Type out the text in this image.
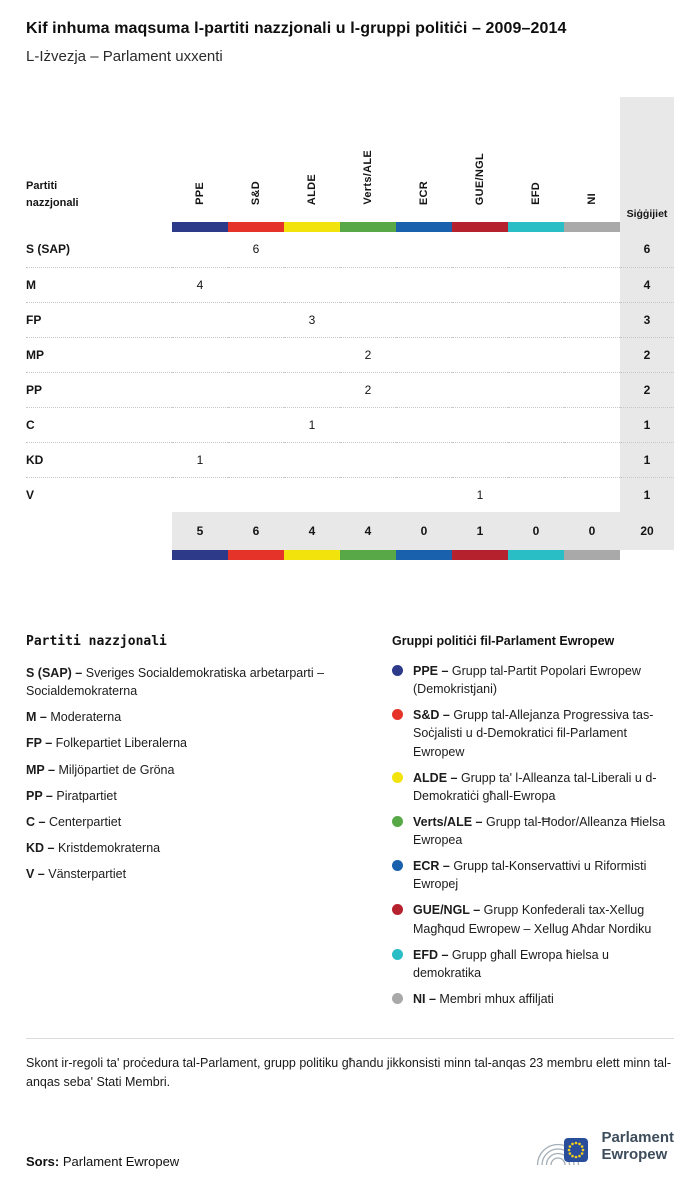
Kif inhuma maqsuma l-partiti nazzjonali u l-gruppi politiċi – 2009–2014
L-Iżvezja – Parlament uxxenti
Partiti nazzjonali	PPE	S&D	ALDE	Verts/ALE	ECR	GUE/NGL	EFD	NI	Siġġijiet

S (SAP)		6							6
M	4								4
FP			3						3
MP				2					2
PP				2					2
C			1						1
KD	1								1
V						1			1
	5	6	4	4	0	1	0	0	20

Partiti nazzjonali
S (SAP) – Sveriges Socialdemokratiska arbetarparti – Socialdemokraterna
M – Moderaterna
FP – Folkepartiet Liberalerna
MP – Miljöpartiet de Gröna
PP – Piratpartiet
C – Centerpartiet
KD – Kristdemokraterna
V – Vänsterpartiet
Gruppi politiċi fil-Parlament Ewropew
PPE – Grupp tal-Partit Popolari Ewropew (Demokristjani)
S&D – Grupp tal-Allejanza Progressiva tas-Soċjalisti u d-Demokratici fil-Parlament Ewropew
ALDE – Grupp ta' l-Alleanza tal-Liberali u d-Demokratiċi għall-Ewropa
Verts/ALE – Grupp tal-Ħodor/Alleanza Ħielsa Ewropea
ECR – Grupp tal-Konservattivi u Riformisti Ewropej
GUE/NGL – Grupp Konfederali tax-Xellug Magħqud Ewropew – Xellug Aħdar Nordiku
EFD – Grupp għall Ewropa ħielsa u demokratika
NI – Membri mhux affiljati
Skont ir-regoli ta' proċedura tal-Parlament, grupp politiku għandu jikkonsisti minn tal-anqas 23 membru elett minn tal-anqas seba' Stati Membri.
Sors: Parlament Ewropew
Parlament
Ewropew
